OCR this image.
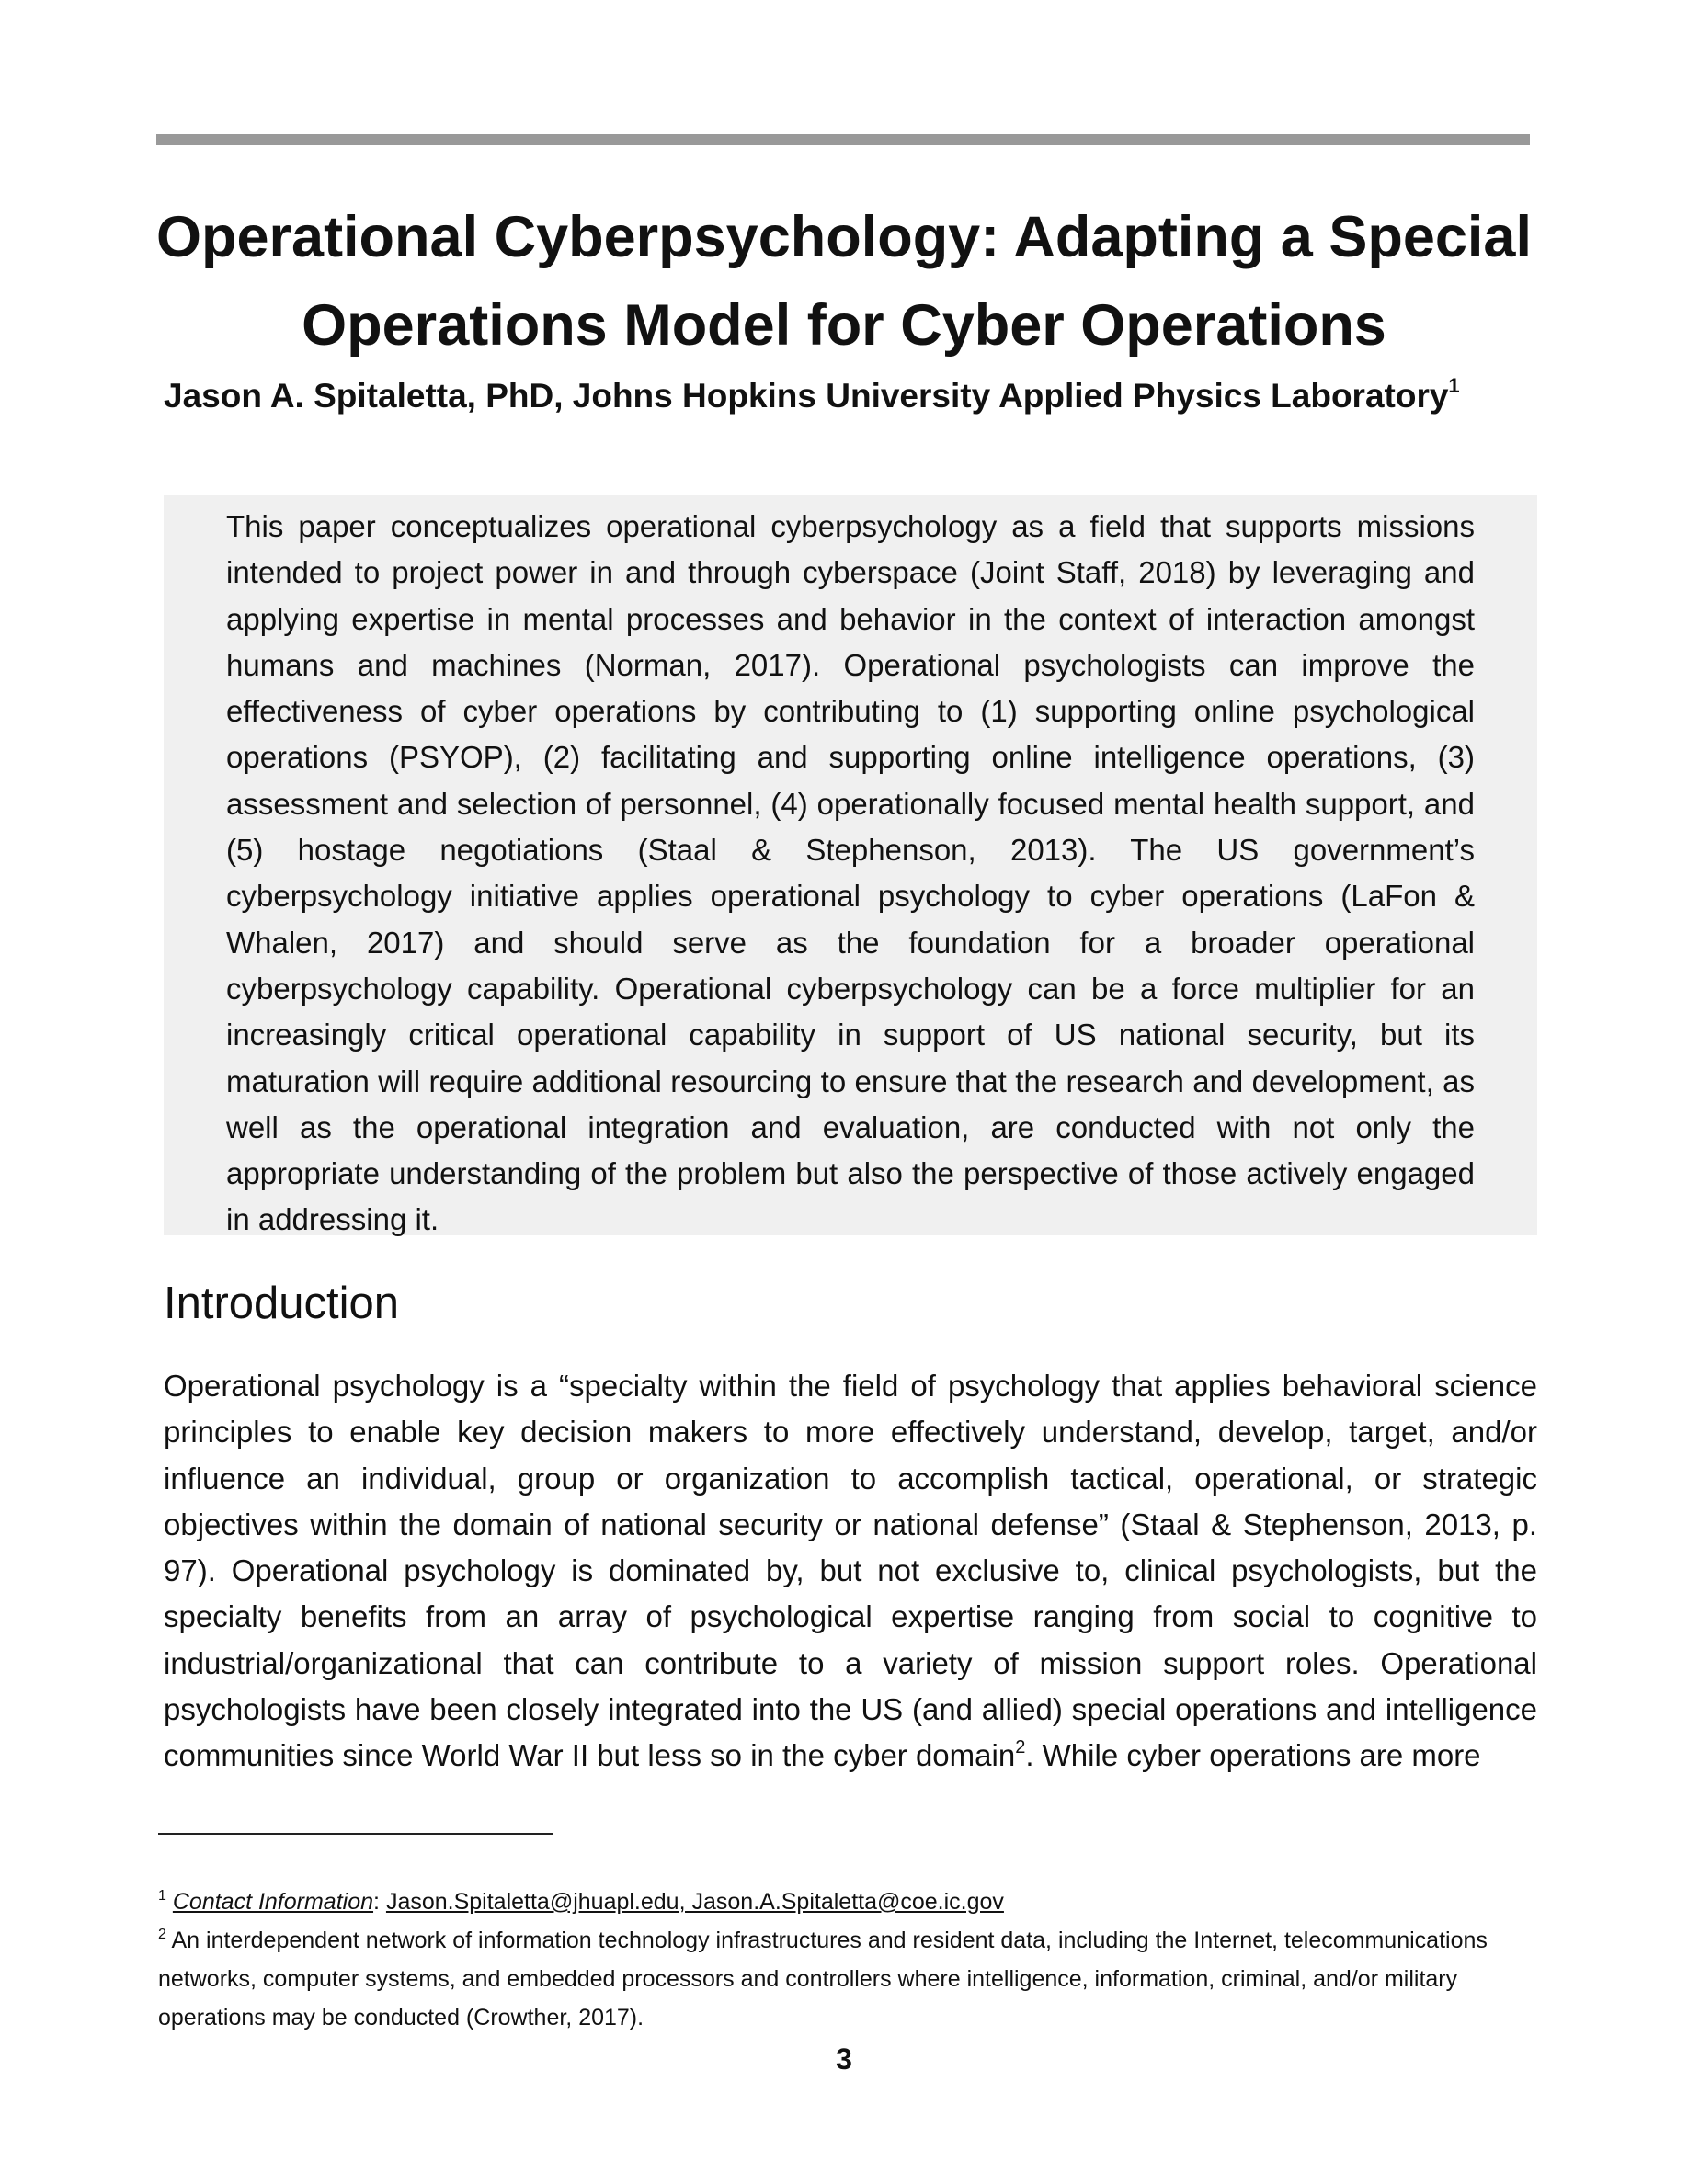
Operational Cyberpsychology: Adapting a Special
Operations Model for Cyber Operations

Jason A. Spitaletta, PhD, Johns Hopkins University Applied Physics Laboratory$^1$

This paper conceptualizes operational cyberpsychology as a field that supports missions intended to project power in and through cyberspace (Joint Staff, 2018) by leveraging and applying expertise in mental processes and behavior in the context of interaction amongst humans and machines (Norman, 2017). Operational psychologists can improve the effectiveness of cyber operations by contributing to (1) supporting online psychological operations (PSYOP), (2) facilitating and supporting online intelligence operations, (3) assessment and selection of personnel, (4) operationally focused mental health support, and (5) hostage negotiations (Staal & Stephenson, 2013). The US government’s cyberpsychology initiative applies operational psychology to cyber operations (LaFon & Whalen, 2017) and should serve as the foundation for a broader operational cyberpsychology capability. Operational cyberpsychology can be a force multiplier for an increasingly critical operational capability in support of US national security, but its maturation will require additional resourcing to ensure that the research and development, as well as the operational integration and evaluation, are conducted with not only the appropriate understanding of the problem but also the perspective of those actively engaged in addressing it.

Introduction

Operational psychology is a “specialty within the field of psychology that applies behavioral science principles to enable key decision makers to more effectively understand, develop, target, and/or influence an individual, group or organization to accomplish tactical, operational, or strategic objectives within the domain of national security or national defense” (Staal & Stephenson, 2013, p. 97). Operational psychology is dominated by, but not exclusive to, clinical psychologists, but the specialty benefits from an array of psychological expertise ranging from social to cognitive to industrial/organizational that can contribute to a variety of mission support roles. Operational psychologists have been closely integrated into the US (and allied) special operations and intelligence communities since World War II but less so in the cyber domain$^2$. While cyber operations are more

$^1$ Contact Information: Jason.Spitaletta@jhuapl.edu, Jason.A.Spitaletta@coe.ic.gov

$^2$ An interdependent network of information technology infrastructures and resident data, including the Internet, telecommunications networks, computer systems, and embedded processors and controllers where intelligence, information, criminal, and/or military operations may be conducted (Crowther, 2017).

3
